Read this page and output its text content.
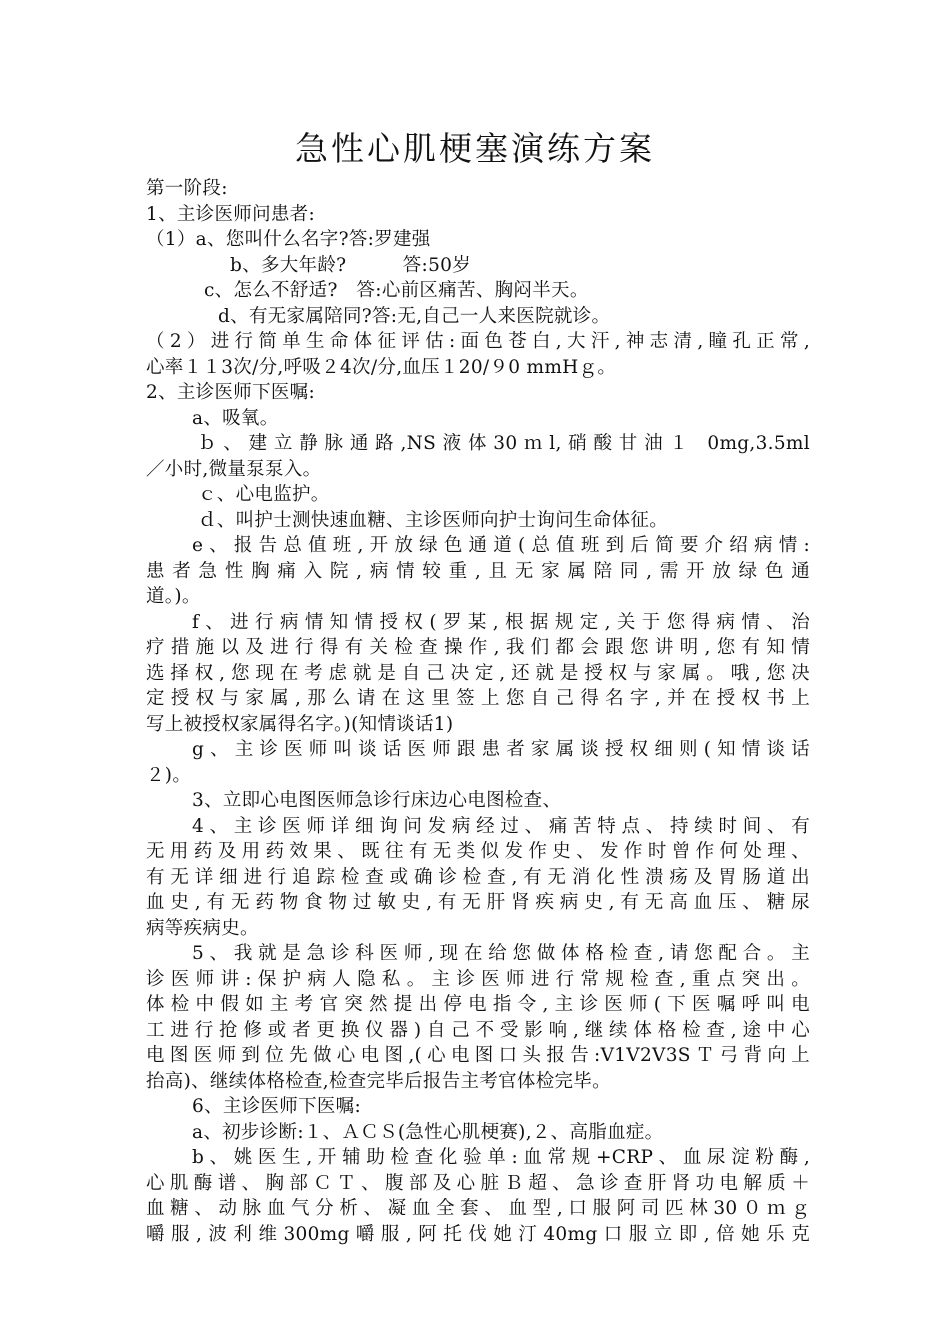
急性心肌梗塞演练方案

第一阶段:

1、主诊医师问患者:

（1）a、您叫什么名字?答:罗建强

b、多大年龄?　　　答:50岁

c、怎么不舒适?　答:心前区痛苦、胸闷半天。

d、有无家属陪同?答:无,自己一人来医院就诊。

（2）进行简单生命体征评估:面色苍白,大汗,神志清,瞳孔正常,

心率１１3次/分,呼吸２4次/分,血压１20/９0 mmHｇ。

2、主诊医师下医嘱:

a、吸氧。

ｂ、建立静脉通路,NS液体30ｍl,硝酸甘油１ 0mg,3.5ml

／小时,微量泵泵入。

ｃ、心电监护。

ｄ、叫护士测快速血糖、主诊医师向护士询问生命体征。

e、报告总值班,开放绿色通道(总值班到后简要介绍病情:

患者急性胸痛入院,病情较重,且无家属陪同,需开放绿色通

道。)。

f、进行病情知情授权(罗某,根据规定,关于您得病情、治

疗措施以及进行得有关检查操作,我们都会跟您讲明,您有知情

选择权,您现在考虑就是自己决定,还就是授权与家属。哦,您决

定授权与家属,那么请在这里签上您自己得名字,并在授权书上

写上被授权家属得名字。)(知情谈话1)

g、主诊医师叫谈话医师跟患者家属谈授权细则(知情谈话

２)。

3、立即心电图医师急诊行床边心电图检查、

4、主诊医师详细询问发病经过、痛苦特点、持续时间、有

无用药及用药效果、既往有无类似发作史、发作时曾作何处理、

有无详细进行追踪检查或确诊检查,有无消化性溃疡及胃肠道出

血史,有无药物食物过敏史,有无肝肾疾病史,有无高血压、糖尿

病等疾病史。

5、我就是急诊科医师,现在给您做体格检查,请您配合。主

诊医师讲:保护病人隐私。主诊医师进行常规检查,重点突出。

体检中假如主考官突然提出停电指令,主诊医师(下医嘱呼叫电

工进行抢修或者更换仪器)自己不受影响,继续体格检查,途中心

电图医师到位先做心电图,(心电图口头报告:V1V2V3SＴ弓背向上

抬高)、继续体格检查,检查完毕后报告主考官体检完毕。

6、主诊医师下医嘱:

a、初步诊断:１、ＡＣＳ(急性心肌梗赛),２、高脂血症。

b、姚医生,开辅助检查化验单:血常规+CRP、血尿淀粉酶,

心肌酶谱、胸部ＣＴ、腹部及心脏Ｂ超、急诊查肝肾功电解质＋

血糖、动脉血气分析、凝血全套、血型,口服阿司匹林30０ｍｇ

嚼服,波利维300mg嚼服,阿托伐她汀40mg口服立即,倍她乐克
